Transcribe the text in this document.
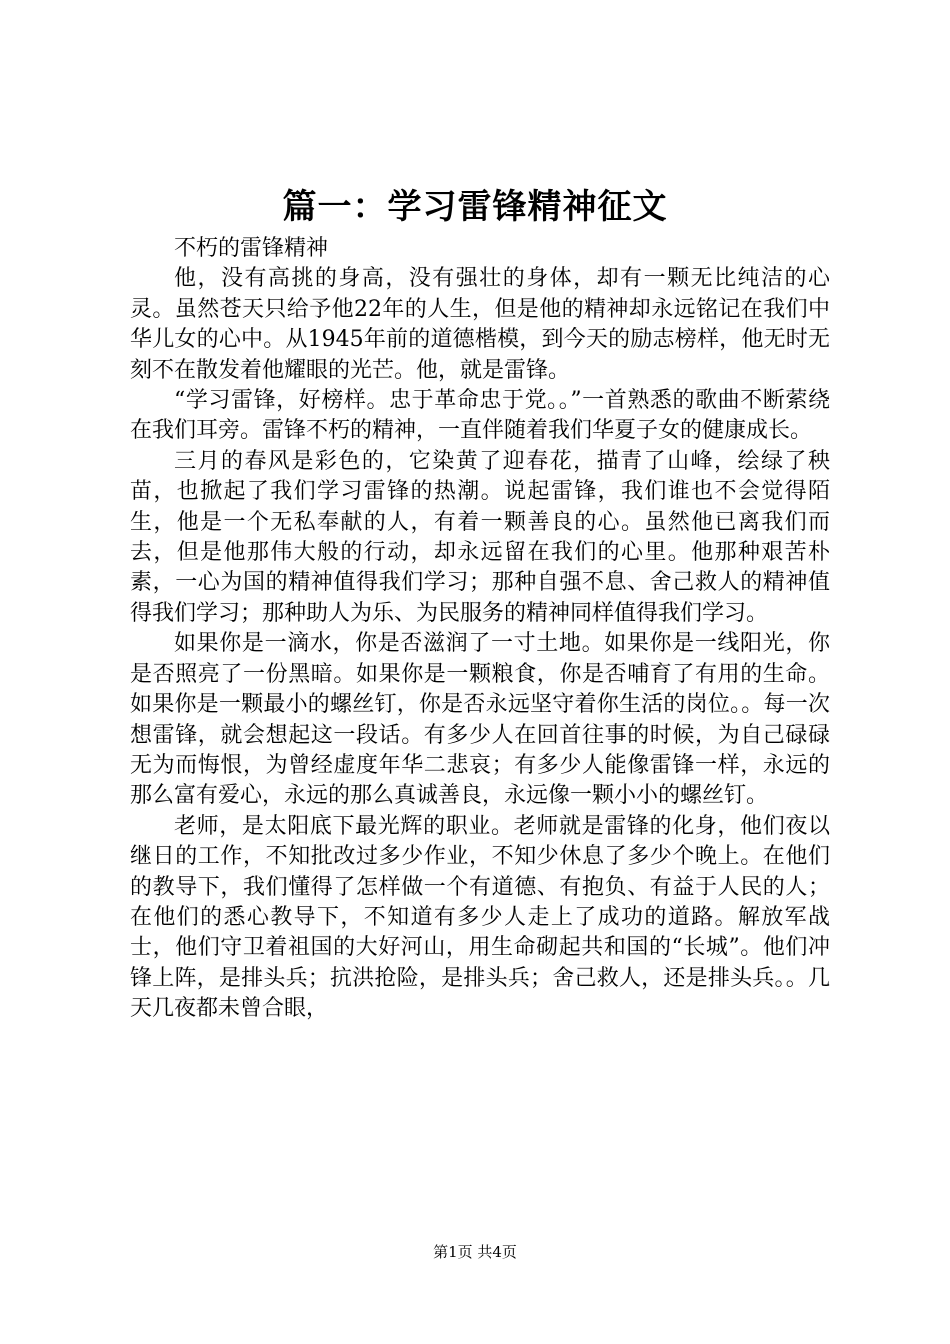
篇一：学习雷锋精神征文

不朽的雷锋精神

他，没有高挑的身高，没有强壮的身体，却有一颗无比纯洁的心灵。虽然苍天只给予他22年的人生，但是他的精神却永远铭记在我们中华儿女的心中。从1945年前的道德楷模，到今天的励志榜样，他无时无刻不在散发着他耀眼的光芒。他，就是雷锋。

“学习雷锋，好榜样。忠于革命忠于党。。”一首熟悉的歌曲不断萦绕在我们耳旁。雷锋不朽的精神，一直伴随着我们华夏子女的健康成长。

三月的春风是彩色的，它染黄了迎春花，描青了山峰，绘绿了秧苗，也掀起了我们学习雷锋的热潮。说起雷锋，我们谁也不会觉得陌生，他是一个无私奉献的人，有着一颗善良的心。虽然他已离我们而去，但是他那伟大般的行动，却永远留在我们的心里。他那种艰苦朴素，一心为国的精神值得我们学习；那种自强不息、舍己救人的精神值得我们学习；那种助人为乐、为民服务的精神同样值得我们学习。

如果你是一滴水，你是否滋润了一寸土地。如果你是一线阳光，你是否照亮了一份黑暗。如果你是一颗粮食，你是否哺育了有用的生命。如果你是一颗最小的螺丝钉，你是否永远坚守着你生活的岗位。。每一次想雷锋，就会想起这一段话。有多少人在回首往事的时候，为自己碌碌无为而悔恨，为曾经虚度年华二悲哀；有多少人能像雷锋一样，永远的那么富有爱心，永远的那么真诚善良，永远像一颗小小的螺丝钉。

老师，是太阳底下最光辉的职业。老师就是雷锋的化身，他们夜以继日的工作，不知批改过多少作业，不知少休息了多少个晚上。在他们的教导下，我们懂得了怎样做一个有道德、有抱负、有益于人民的人；在他们的悉心教导下，不知道有多少人走上了成功的道路。解放军战士，他们守卫着祖国的大好河山，用生命砌起共和国的“长城”。他们冲锋上阵，是排头兵；抗洪抢险，是排头兵；舍己救人，还是排头兵。。几天几夜都未曾合眼，

第1页 共4页
